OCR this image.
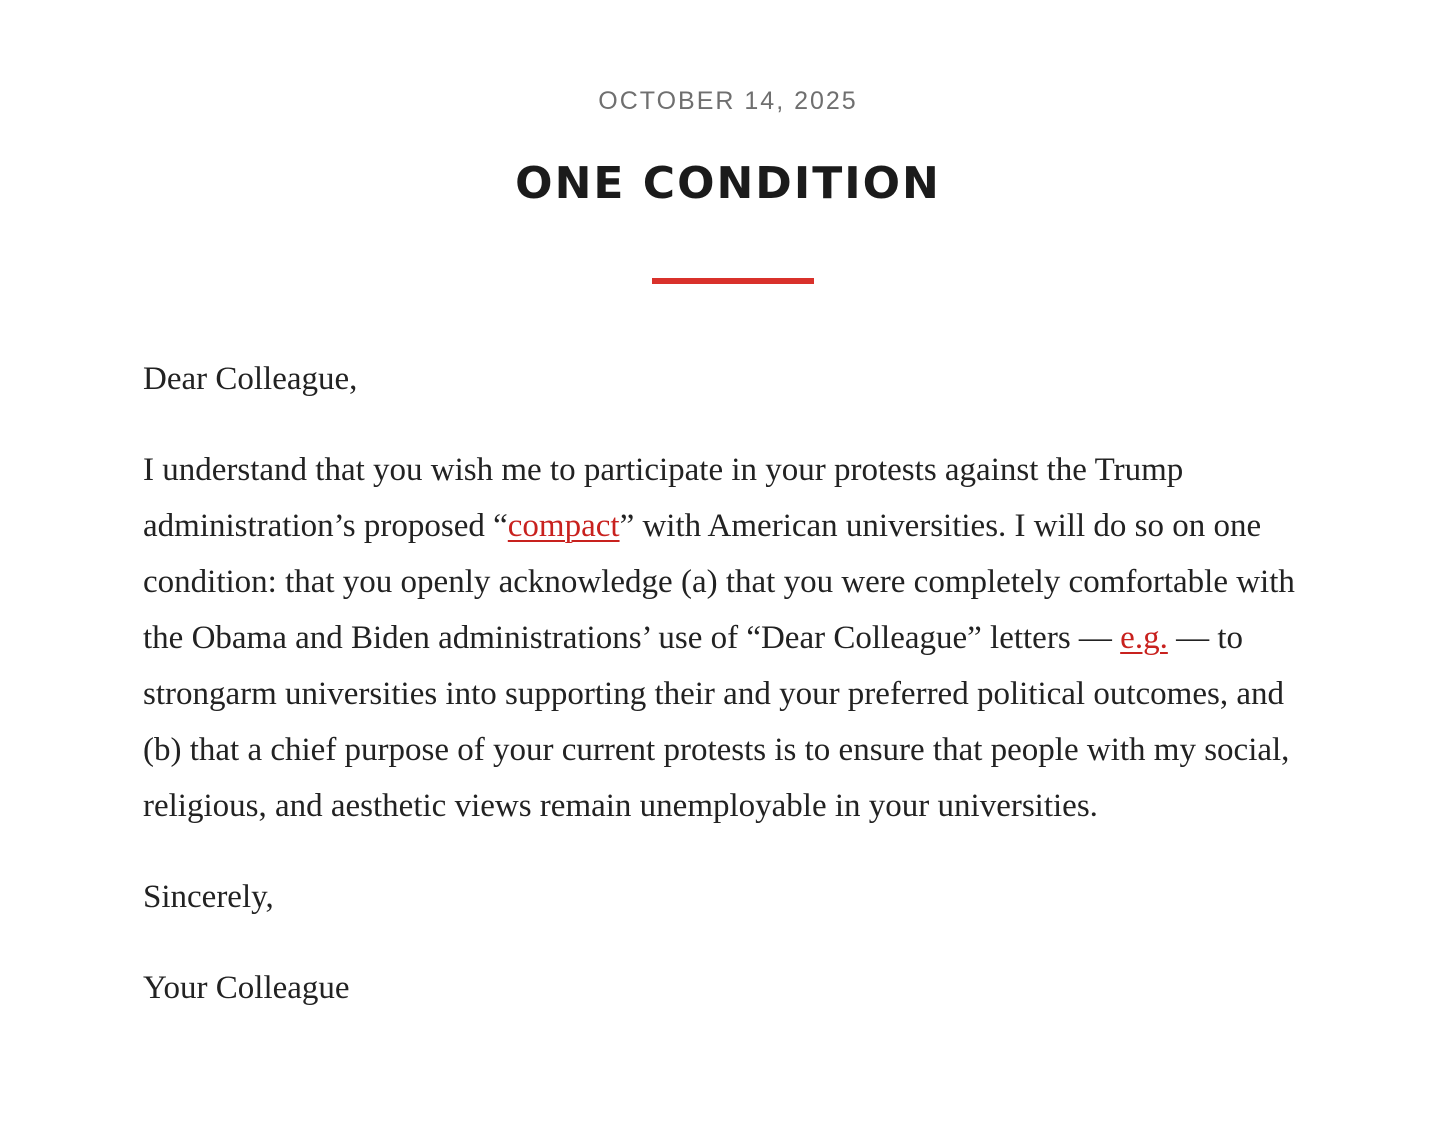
OCTOBER 14, 2025
ONE CONDITION

Dear Colleague,

I understand that you wish me to participate in your protests against the Trump administration’s proposed “compact” with American universities. I will do so on one condition: that you openly acknowledge (a) that you were completely comfortable with the Obama and Biden administrations’ use of “Dear Colleague” letters — e.g. — to strongarm universities into supporting their and your preferred political outcomes, and (b) that a chief purpose of your current protests is to ensure that people with my social, religious, and aesthetic views remain unemployable in your universities.

Sincerely,

Your Colleague
